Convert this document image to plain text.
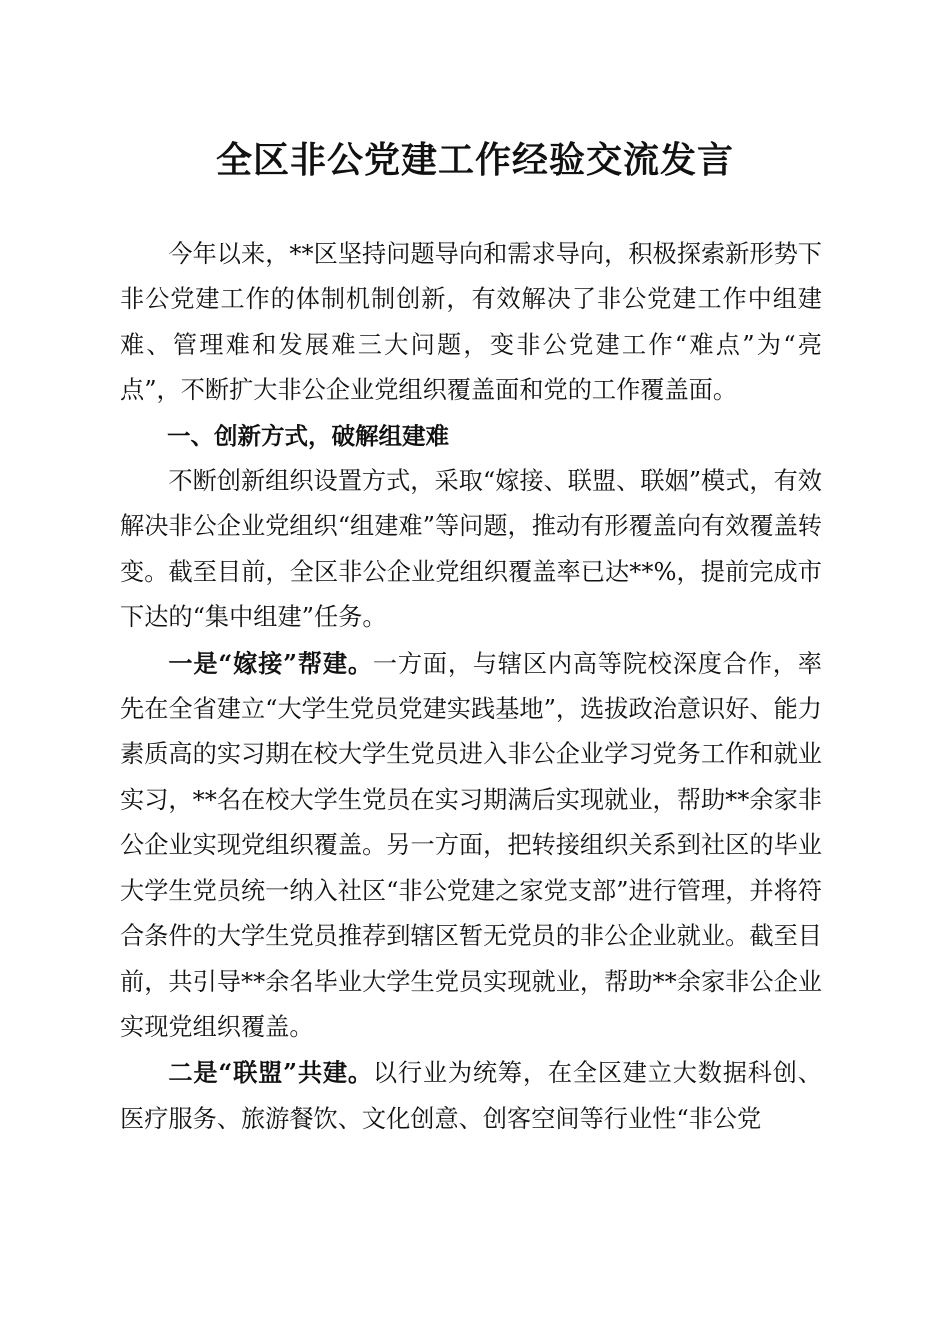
全区非公党建工作经验交流发言

今年以来，**区坚持问题导向和需求导向，积极探索新形势下非公党建工作的体制机制创新，有效解决了非公党建工作中组建难、管理难和发展难三大问题，变非公党建工作“难点”为“亮点”，不断扩大非公企业党组织覆盖面和党的工作覆盖面。

一、创新方式，破解组建难

不断创新组织设置方式，采取“嫁接、联盟、联姻”模式，有效解决非公企业党组织“组建难”等问题，推动有形覆盖向有效覆盖转变。截至目前，全区非公企业党组织覆盖率已达**%，提前完成市下达的“集中组建”任务。

一是“嫁接”帮建。一方面，与辖区内高等院校深度合作，率先在全省建立“大学生党员党建实践基地”，选拔政治意识好、能力素质高的实习期在校大学生党员进入非公企业学习党务工作和就业实习，**名在校大学生党员在实习期满后实现就业，帮助**余家非公企业实现党组织覆盖。另一方面，把转接组织关系到社区的毕业大学生党员统一纳入社区“非公党建之家党支部”进行管理，并将符合条件的大学生党员推荐到辖区暂无党员的非公企业就业。截至目前，共引导**余名毕业大学生党员实现就业，帮助**余家非公企业实现党组织覆盖。

二是“联盟”共建。以行业为统筹，在全区建立大数据科创、医疗服务、旅游餐饮、文化创意、创客空间等行业性“非公党
